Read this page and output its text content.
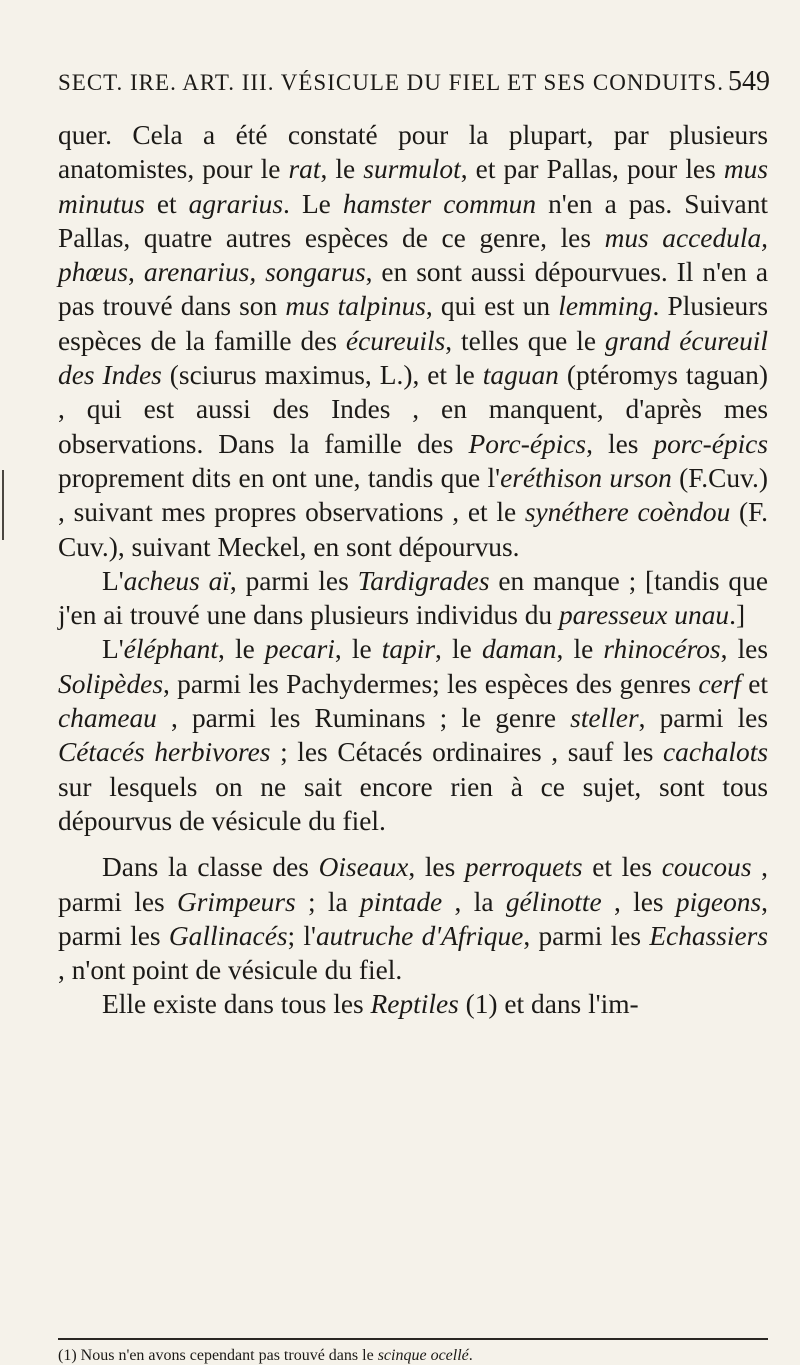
SECT. IRE. ART. III. VÉSICULE DU FIEL ET SES CONDUITS. 549

quer. Cela a été constaté pour la plupart, par plusieurs anatomistes, pour le rat, le surmulot, et par Pallas, pour les mus minutus et agrarius. Le hamster commun n'en a pas. Suivant Pallas, quatre autres espèces de ce genre, les mus accedula, phœus, arenarius, songarus, en sont aussi dépourvues. Il n'en a pas trouvé dans son mus talpinus, qui est un lemming. Plusieurs espèces de la famille des écureuils, telles que le grand écureuil des Indes (sciurus maximus, L.), et le taguan (ptéromys taguan) , qui est aussi des Indes , en manquent, d'après mes observations. Dans la famille des Porc-épics, les porc-épics proprement dits en ont une, tandis que l'eréthison urson (F.Cuv.) , suivant mes propres observations , et le synéthere coèndou (F. Cuv.), suivant Meckel, en sont dépourvus.

L'acheus aï, parmi les Tardigrades en manque ; [tandis que j'en ai trouvé une dans plusieurs individus du paresseux unau.]

L'éléphant, le pecari, le tapir, le daman, le rhinocéros, les Solipèdes, parmi les Pachydermes; les espèces des genres cerf et chameau , parmi les Ruminans ; le genre steller, parmi les Cétacés herbivores ; les Cétacés ordinaires , sauf les cachalots sur lesquels on ne sait encore rien à ce sujet, sont tous dépourvus de vésicule du fiel.

Dans la classe des Oiseaux, les perroquets et les coucous , parmi les Grimpeurs ; la pintade , la gélinotte , les pigeons, parmi les Gallinacés; l'autruche d'Afrique, parmi les Echassiers , n'ont point de vésicule du fiel.

Elle existe dans tous les Reptiles (1) et dans l'im-

(1) Nous n'en avons cependant pas trouvé dans le scinque ocellé.
